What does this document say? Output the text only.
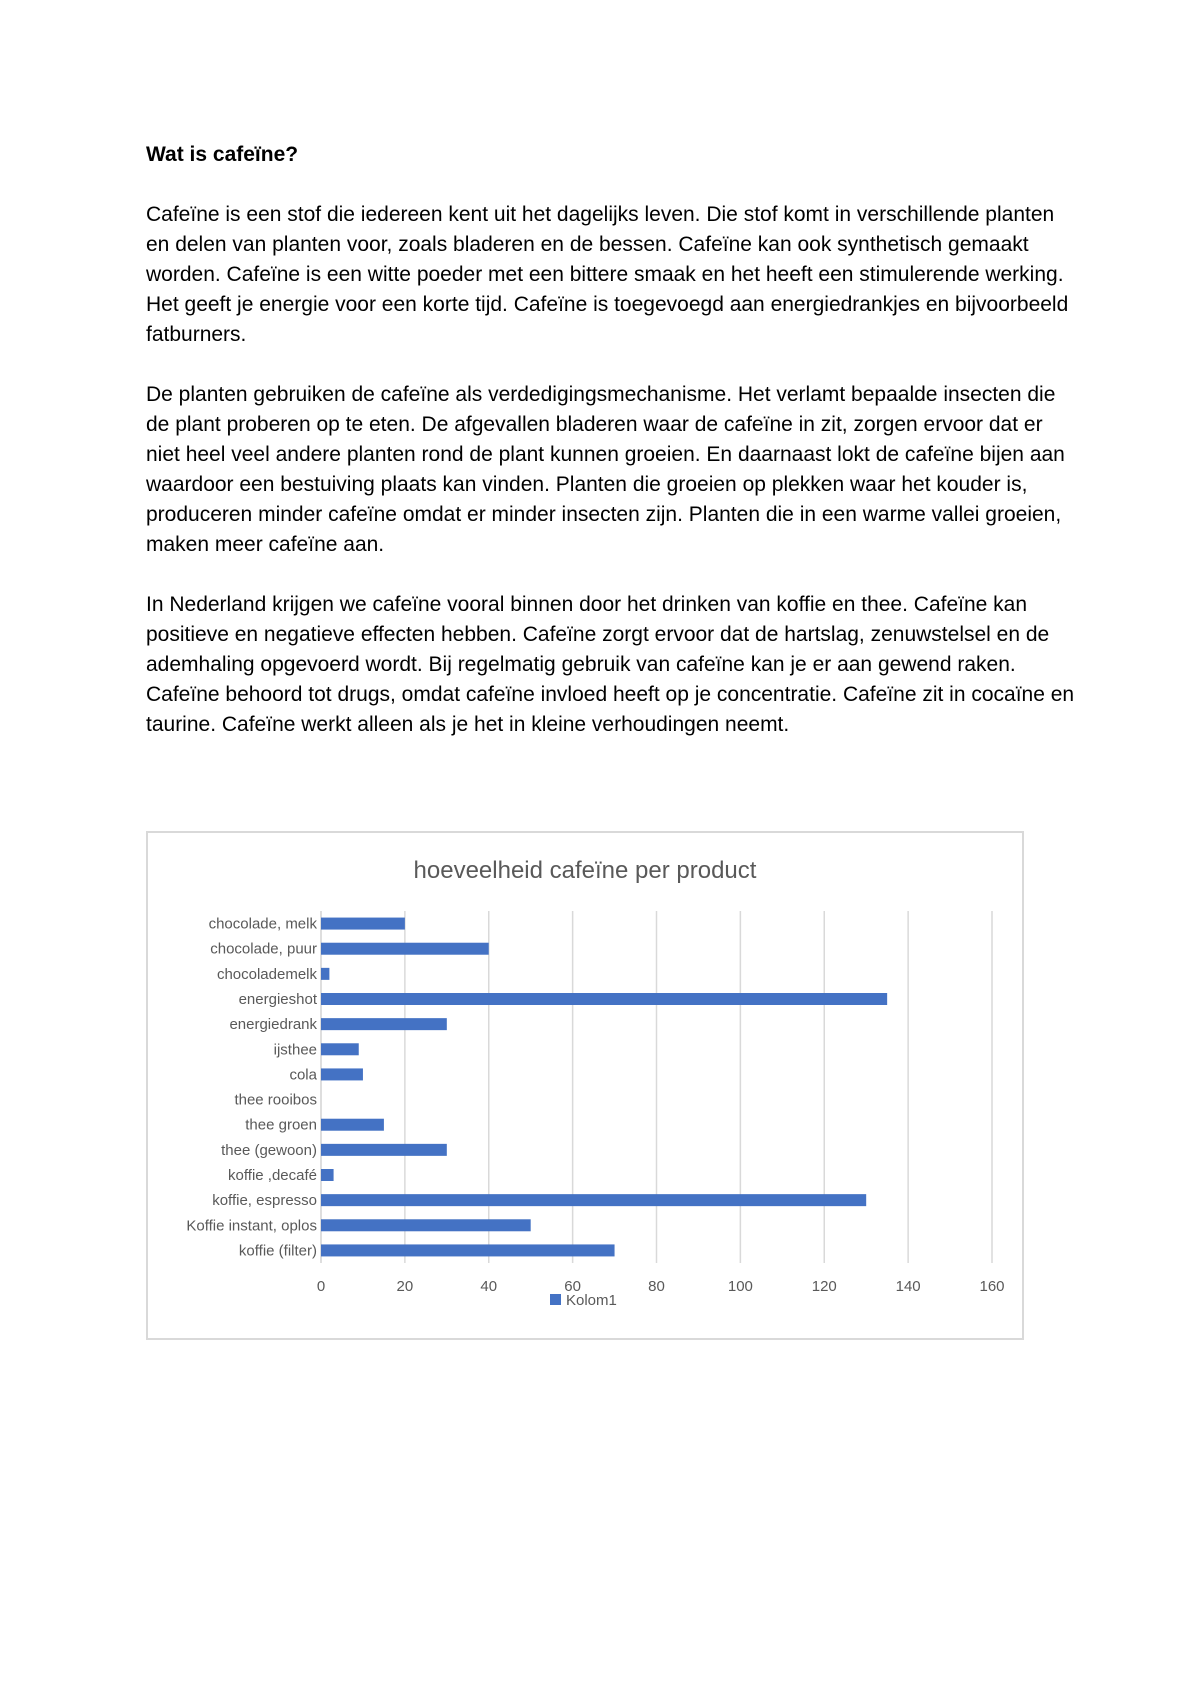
Wat is cafeïne?

Cafeïne is een stof die iedereen kent uit het dagelijks leven. Die stof komt in verschillende planten en delen van planten voor, zoals bladeren en de bessen. Cafeïne kan ook synthetisch gemaakt worden. Cafeïne is een witte poeder met een bittere smaak en het heeft een stimulerende werking. Het geeft je energie voor een korte tijd. Cafeïne is toegevoegd aan energiedrankjes en bijvoorbeeld fatburners.

De planten gebruiken de cafeïne als verdedigingsmechanisme. Het verlamt bepaalde insecten die de plant proberen op te eten. De afgevallen bladeren waar de cafeïne in zit, zorgen ervoor dat er niet heel veel andere planten rond de plant kunnen groeien. En daarnaast lokt de cafeïne bijen aan waardoor een bestuiving plaats kan vinden. Planten die groeien op plekken waar het kouder is, produceren minder cafeïne omdat er minder insecten zijn. Planten die in een warme vallei groeien, maken meer cafeïne aan.

In Nederland krijgen we cafeïne vooral binnen door het drinken van koffie en thee. Cafeïne kan positieve en negatieve effecten hebben. Cafeïne zorgt ervoor dat de hartslag, zenuwstelsel en de ademhaling opgevoerd wordt. Bij regelmatig gebruik van cafeïne kan je er aan gewend raken. Cafeïne behoord tot drugs, omdat cafeïne invloed heeft op je concentratie. Cafeïne zit in cocaïne en taurine. Cafeïne werkt alleen als je het in kleine verhoudingen neemt.

hoeveelheid cafeïne per product
chocolade, melk
chocolade, puur
chocolademelk
energieshot
energiedrank
ijsthee
cola
thee rooibos
thee groen
thee (gewoon)
koffie ,decafé
koffie, espresso
Koffie instant, oplos
koffie (filter)
0	20	40	60	80	100	120	140	160
Kolom1
